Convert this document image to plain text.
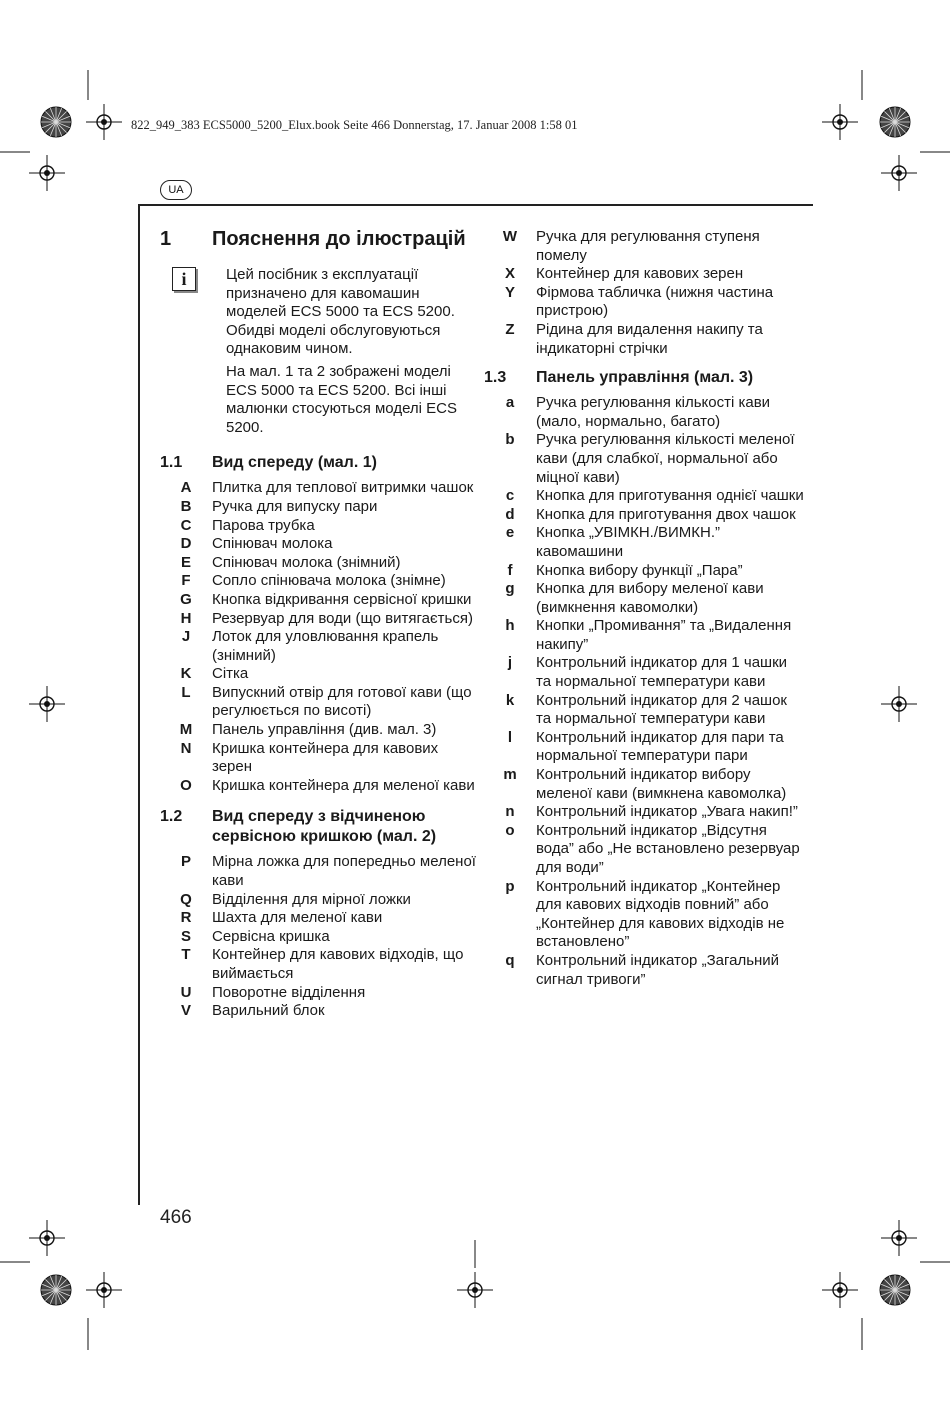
822_949_383 ECS5000_5200_Elux.book Seite 466 Donnerstag, 17. Januar 2008 1:58 01
UA
1	Пояснення до ілюстрацій
i	Цей посібник з експлуатації призначено для кавомашин моделей ECS 5000 та ECS 5200. Обидві моделі обслуговуються однаковим чином.

На мал. 1 та 2 зображені моделі ECS 5000 та ECS 5200. Всі інші малюнки стосуються моделі ECS 5200.

1.1	Вид спереду (мал. 1)
A	Плитка для теплової витримки чашок
B	Ручка для випуску пари
C	Парова трубка
D	Спінювач молока
E	Спінювач молока (знімний)
F	Сопло спінювача молока (знімне)
G	Кнопка відкривання сервісної кришки
H	Резервуар для води (що витягається)
J	Лоток для уловлювання крапель (знімний)
K	Сітка
L	Випускний отвір для готової кави (що регулюється по висоті)
M	Панель управління (див. мал. 3)
N	Кришка контейнера для кавових зерен
O	Кришка контейнера для меленої кави
1.2	Вид спереду з відчиненою сервісною кришкою (мал. 2)
P	Мірна ложка для попередньо меленої кави
Q	Відділення для мірної ложки
R	Шахта для меленої кави
S	Сервісна кришка
T	Контейнер для кавових відходів, що виймається
U	Поворотне відділення
V	Варильний блок
W	Ручка для регулювання ступеня помелу
X	Контейнер для кавових зерен
Y	Фірмова табличка (нижня частина пристрою)
Z	Рідина для видалення накипу та індикаторні стрічки
1.3	Панель управління (мал. 3)
a	Ручка регулювання кількості кави (мало, нормально, багато)
b	Ручка регулювання кількості меленої кави (для слабкої, нормальної або міцної кави)
c	Кнопка для приготування однієї чашки
d	Кнопка для приготування двох чашок
e	Кнопка „УВІМКН./ВИМКН.” кавомашини
f	Кнопка вибору функції „Пара”
g	Кнопка для вибору меленої кави (вимкнення кавомолки)
h	Кнопки „Промивання” та „Видалення накипу”
j	Контрольний індикатор для 1 чашки та нормальної температури кави
k	Контрольний індикатор для 2 чашок та нормальної температури кави
l	Контрольний індикатор для пари та нормальної температури пари
m	Контрольний індикатор вибору меленої кави (вимкнена кавомолка)
n	Контрольний індикатор „Увага накип!”
o	Контрольний індикатор „Відсутня вода” або „Не встановлено резервуар для води”
p	Контрольний індикатор „Контейнер для кавових відходів повний” або „Контейнер для кавових відходів не встановлено”
q	Контрольний індикатор „Загальний сигнал тривоги”
466
